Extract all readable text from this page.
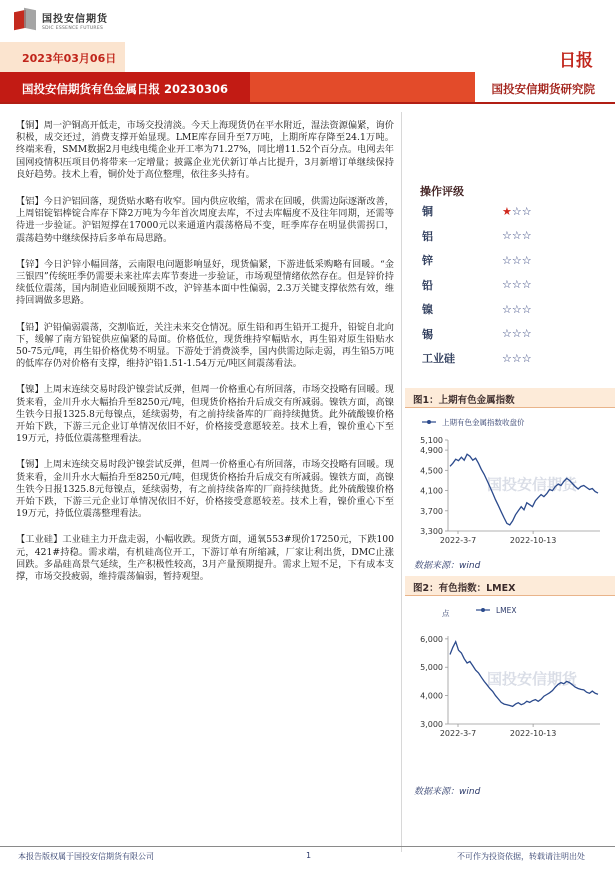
国投安信期货
SDIC ESSENCE FUTURES
2023年03月06日	日报
国投安信期货有色金属日报 20230306	国投安信期货研究院

【铜】周一沪铜高开低走，市场交投清淡。今天上海现货仍在平水附近，湿法资源偏紧，询价积极，成交还过，消费支撑开始显现。LME库存回升至7万吨，上期所库存降至24.1万吨。终端来看，SMM数据2月电线电缆企业开工率为71.27%，同比增11.52个百分点。电网去年国网疫情积压项目仍将带来一定增量；披露企业光伏新订单占比提升，3月新增订单继续保持良好趋势。技术上看，铜价处于高位整理，依往多头持有。

【铝】今日沪铝回落，现货贴水略有收窄。国内供应收缩，需求在回暖，供需边际逐渐改善，上周铝锭铝棒锭合库存下降2万吨为今年首次周度去库，不过去库幅度不及往年同期，还需等待进一步验证。沪铝短撑在17000元以来通道内震荡格局不变，旺季库存在明显供需拐口，震荡趋势中继续保持后多单布局思路。

【锌】今日沪锌小幅回落，云南限电问题影响显好，现货偏紧，下游进低采购略有回暖。“金三银四”传统旺季仍需要未来社库去库节奏进一步验证，市场观望情绪依然存在。但是锌价持续低位震荡，国内制造业回暖预期不改，沪锌基本面中性偏弱，2.3万关键支撑依然有效，维持回调做多思路。

【铅】沪铅偏弱震荡，交割临近，关注未来交仓情况。原生铅和再生铅开工提升，铅锭自北向下，缓解了南方铅锭供应偏紧的局面。价格低位，现货维持窄幅贴水，再生铅对原生铅贴水50-75元/吨，再生铅价格优势不明显。下游处于消费淡季，国内供需边际走弱，再生铅5万吨的低库存仍对价格有支撑，维持沪铅1.51-1.54万元/吨区间震荡看法。

【镍】上周末连续交易时段沪镍尝试反弹，但周一价格重心有所回落，市场交投略有回暖。现货来看，金川升水大幅抬升至8250元/吨，但现货价格抬升后成交有所减弱。镍铁方面，高镍生铁今日报1325.8元每镍点，延续弱势，有之前持续备库的厂商持续抛货。此外硫酸镍价格开始下跌，下游三元企业订单情况依旧不好，价格接受意愿较差。技术上看，镍价重心下至19万元，持低位震荡整理看法。

【锡】上周末连续交易时段沪镍尝试反弹，但周一价格重心有所回落，市场交投略有回暖。现货来看，金川升水大幅抬升至8250元/吨，但现货价格抬升后成交有所减弱。镍铁方面，高镍生铁今日报1325.8元每镍点，延续弱势，有之前持续备库的厂商持续抛货。此外硫酸镍价格开始下跌，下游三元企业订单情况依旧不好，价格接受意愿较差。技术上看，镍价重心下至19万元，持低位震荡整理看法。

【工业硅】工业硅主力开盘走弱，小幅收跌。现货方面，通氧553#现价17250元，下跌100元，421#持稳。需求端，有机硅高位开工，下游订单有所缩减，厂家让利出货，DMC止涨回跌。多晶硅高景气延续，生产积极性较高，3月产量预期提升。需求上短不足，下有成本支撑，市场交投疲弱，维持震荡偏弱，暂持观望。

操作评级
铜	★☆☆
铝	☆☆☆
锌	☆☆☆
铅	☆☆☆
镍	☆☆☆
锡	☆☆☆
工业硅	☆☆☆
图1：上期有色金属指数
国投安信期货
上期有色金属指数收盘价
3,300
3,700
4,100
4,500
4,900
5,100
2022-3-7	2022-10-13
数据来源：wind
图2：有色指数：LMEX
国投安信期货
点	LMEX
3,000
4,000
5,000
6,000
2022-3-7	2022-10-13
数据来源：wind
本报告版权属于国投安信期货有限公司	1	不可作为投资依据，转载请注明出处
